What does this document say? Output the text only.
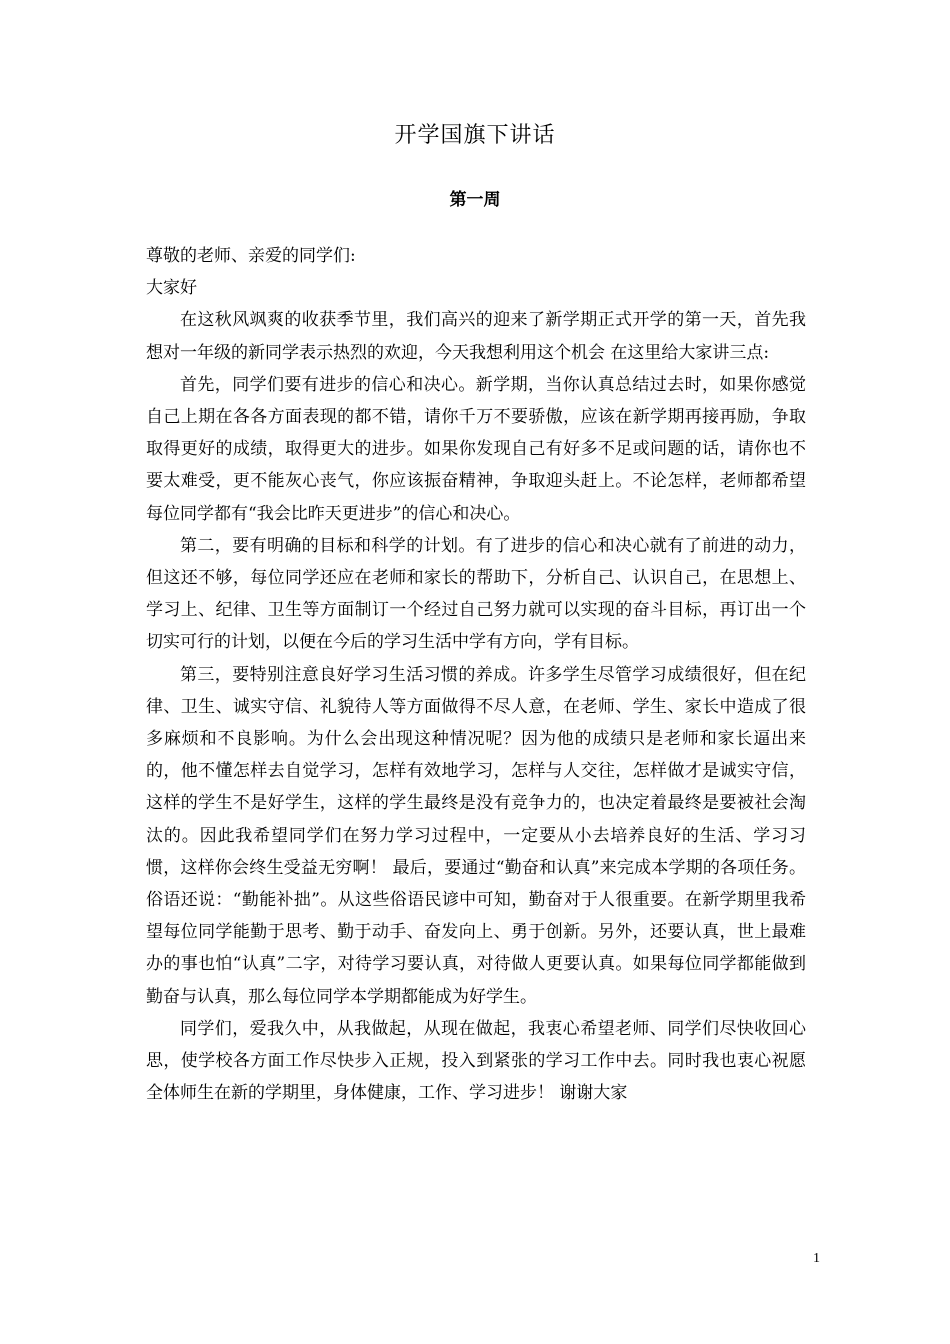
开学国旗下讲话
第一周

尊敬的老师、亲爱的同学们:

大家好

在这秋风飒爽的收获季节里，我们高兴的迎来了新学期正式开学的第一天，首先我想对一年级的新同学表示热烈的欢迎，今天我想利用这个机会 在这里给大家讲三点:

首先，同学们要有进步的信心和决心。新学期，当你认真总结过去时，如果你感觉自己上期在各各方面表现的都不错，请你千万不要骄傲，应该在新学期再接再励，争取取得更好的成绩，取得更大的进步。如果你发现自己有好多不足或问题的话，请你也不要太难受，更不能灰心丧气，你应该振奋精神，争取迎头赶上。不论怎样，老师都希望每位同学都有“我会比昨天更进步”的信心和决心。

第二，要有明确的目标和科学的计划。有了进步的信心和决心就有了前进的动力，但这还不够，每位同学还应在老师和家长的帮助下，分析自己、认识自己，在思想上、学习上、纪律、卫生等方面制订一个经过自己努力就可以实现的奋斗目标，再订出一个切实可行的计划，以便在今后的学习生活中学有方向，学有目标。

第三，要特别注意良好学习生活习惯的养成。许多学生尽管学习成绩很好，但在纪律、卫生、诚实守信、礼貌待人等方面做得不尽人意，在老师、学生、家长中造成了很多麻烦和不良影响。为什么会出现这种情况呢？因为他的成绩只是老师和家长逼出来的，他不懂怎样去自觉学习，怎样有效地学习，怎样与人交往，怎样做才是诚实守信，这样的学生不是好学生，这样的学生最终是没有竞争力的，也决定着最终是要被社会淘汰的。因此我希望同学们在努力学习过程中，一定要从小去培养良好的生活、学习习惯，这样你会终生受益无穷啊！ 最后，要通过“勤奋和认真”来完成本学期的各项任务。俗语还说：“勤能补拙”。从这些俗语民谚中可知，勤奋对于人很重要。在新学期里我希望每位同学能勤于思考、勤于动手、奋发向上、勇于创新。另外，还要认真，世上最难办的事也怕“认真”二字，对待学习要认真，对待做人更要认真。如果每位同学都能做到勤奋与认真，那么每位同学本学期都能成为好学生。

同学们，爱我久中，从我做起，从现在做起，我衷心希望老师、同学们尽快收回心思，使学校各方面工作尽快步入正规，投入到紧张的学习工作中去。同时我也衷心祝愿全体师生在新的学期里，身体健康，工作、学习进步！ 谢谢大家

1
